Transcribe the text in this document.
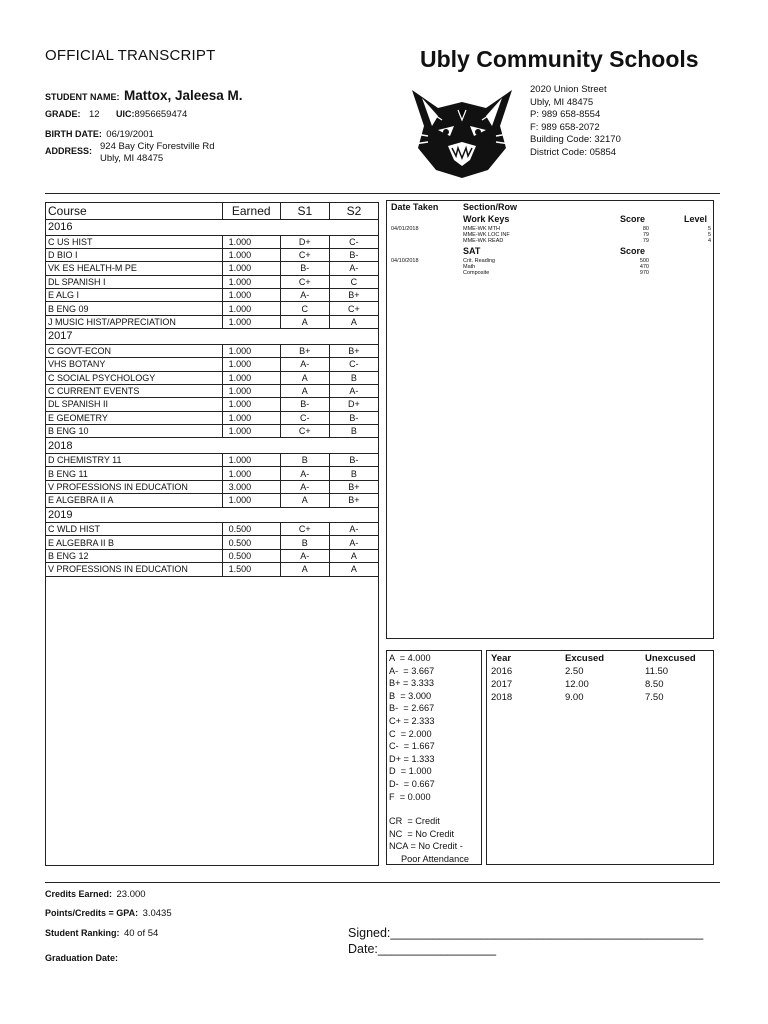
OFFICIAL TRANSCRIPT	Ubly Community Schools
STUDENT NAME: Mattox, Jaleesa M.
GRADE: 12 UIC:8956659474
BIRTH DATE: 06/19/2001
ADDRESS: 924 Bay City Forestville Rd
Ubly, MI 48475
2020 Union Street
Ubly, MI 48475
P: 989 658-8554
F: 989 658-2072
Building Code: 32170
District Code: 05854
Course	Earned	S1	S2
2016			
C US HIST	1.000	D+	C-
D BIO I	1.000	C+	B-
VK ES HEALTH-M PE	1.000	B-	A-
DL SPANISH I	1.000	C+	C
E ALG I	1.000	A-	B+
B ENG 09	1.000	C	C+
J MUSIC HIST/APPRECIATION	1.000	A	A
2017			
C GOVT-ECON	1.000	B+	B+
VHS BOTANY	1.000	A-	C-
C SOCIAL PSYCHOLOGY	1.000	A	B
C CURRENT EVENTS	1.000	A	A-
DL SPANISH II	1.000	B-	D+
E GEOMETRY	1.000	C-	B-
B ENG 10	1.000	C+	B
2018			
D CHEMISTRY 11	1.000	B	B-
B ENG 11	1.000	A-	B
V PROFESSIONS IN EDUCATION	3.000	A-	B+
E ALGEBRA II A	1.000	A	B+
2019			
C WLD HIST	0.500	C+	A-
E ALGEBRA II B	0.500	B	A-
B ENG 12	0.500	A-	A
V PROFESSIONS IN EDUCATION	1.500	A	A
Date Taken	Section/Row
Work Keys	Score	Level
04/01/2018	MME-WK MTH	80	5
MME-WK LOC INF	79	5
MME-WK READ	79	4
SAT	Score
04/10/2018	Crit. Reading	500
Math	470
Composite	970
A  = 4.000
A-  = 3.667
B+ = 3.333
B  = 3.000
B-  = 2.667
C+ = 2.333
C  = 2.000
C-  = 1.667
D+ = 1.333
D  = 1.000
D-  = 0.667
F  = 0.000
CR  = Credit
NC  = No Credit
NCA = No Credit -
Poor Attendance
Year	Excused	Unexcused
2016	2.50	11.50
2017	12.00	8.50
2018	9.00	7.50
Credits Earned: 23.000
Points/Credits = GPA: 3.0435
Student Ranking: 40 of 54
Graduation Date:
Signed:_____________________________________________
Date:_________________
